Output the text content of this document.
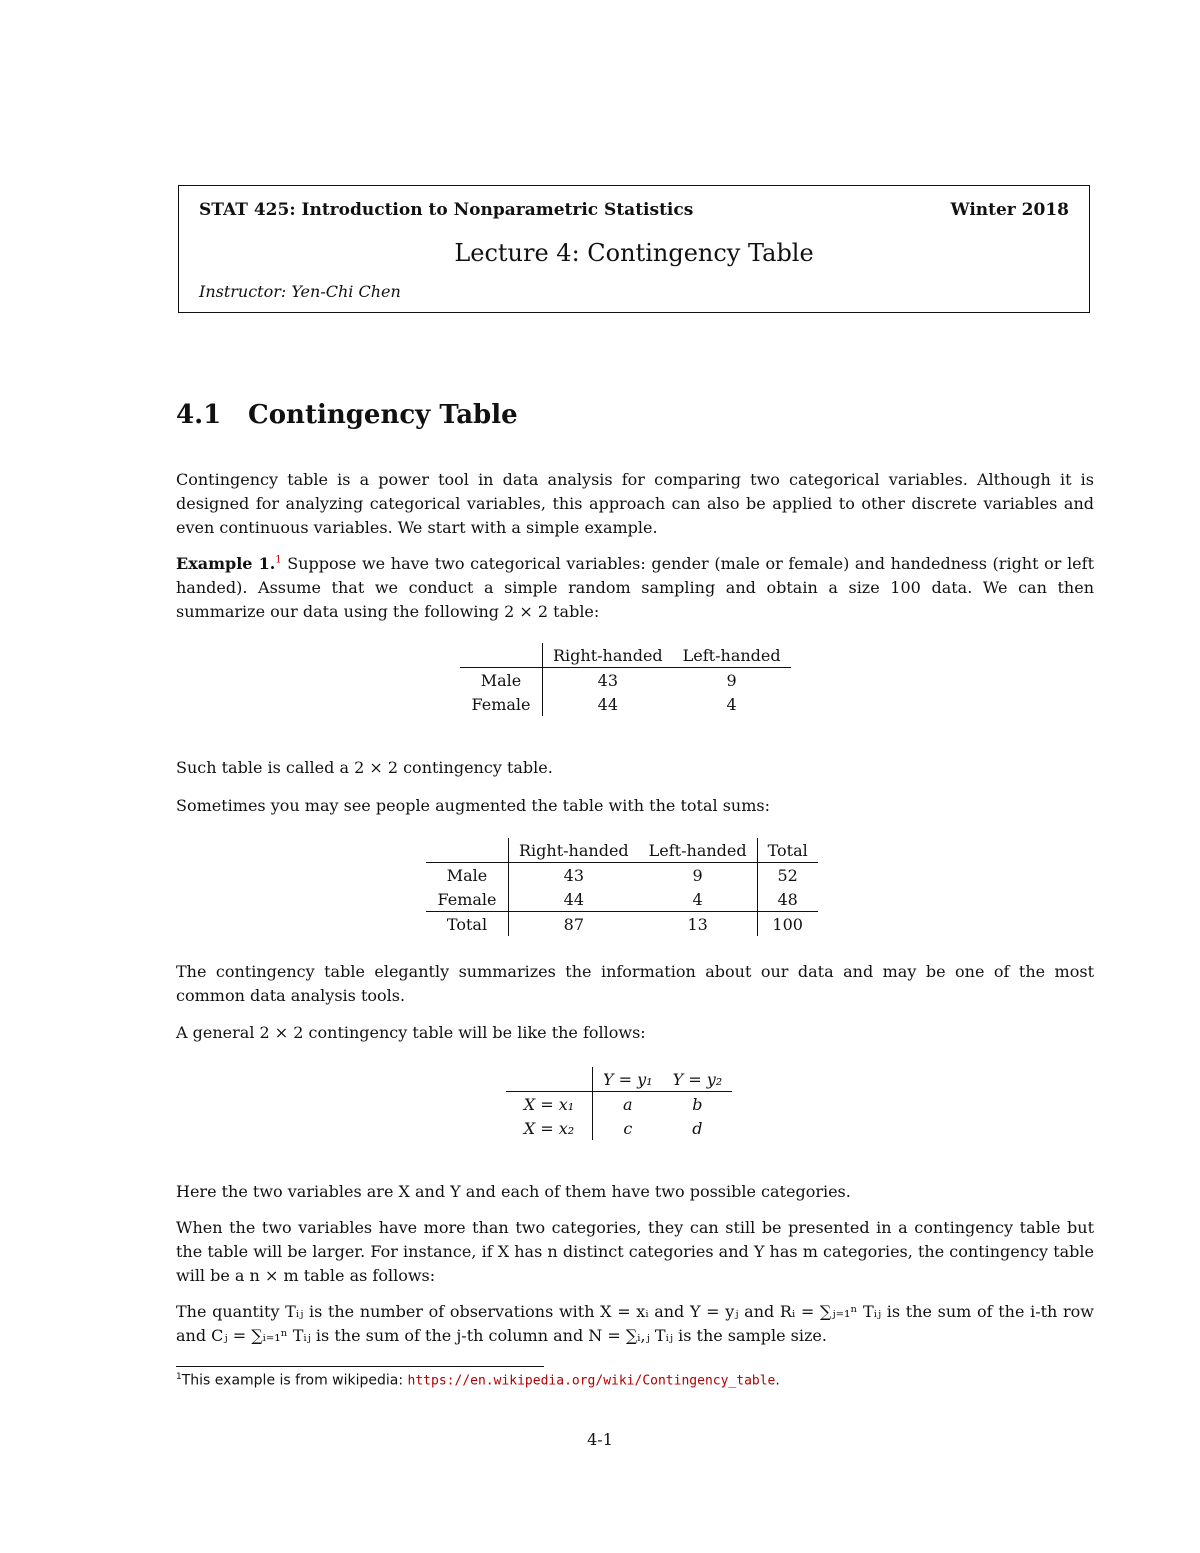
STAT 425: Introduction to Nonparametric Statistics	Winter 2018
Lecture 4: Contingency Table
Instructor: Yen-Chi Chen
4.1 Contingency Table
Contingency table is a power tool in data analysis for comparing two categorical variables. Although it is designed for analyzing categorical variables, this approach can also be applied to other discrete variables and even continuous variables. We start with a simple example.
Example 1.$^1$ Suppose we have two categorical variables: gender (male or female) and handedness (right or left handed). Assume that we conduct a simple random sampling and obtain a size 100 data. We can then summarize our data using the following 2 × 2 table:
	Right-handed	Left-handed
Male	43	9
Female	44	4
Such table is called a 2 × 2 contingency table.
Sometimes you may see people augmented the table with the total sums:
	Right-handed	Left-handed	Total
Male	43	9	52
Female	44	4	48
Total	87	13	100
The contingency table elegantly summarizes the information about our data and may be one of the most common data analysis tools.
A general 2 × 2 contingency table will be like the follows:
	Y = y₁	Y = y₂
X = x₁	a	b
X = x₂	c	d
Here the two variables are X and Y and each of them have two possible categories.
When the two variables have more than two categories, they can still be presented in a contingency table but the table will be larger. For instance, if X has n distinct categories and Y has m categories, the contingency table will be a n × m table as follows:
The quantity Tᵢⱼ is the number of observations with X = xᵢ and Y = yⱼ and Rᵢ = ∑ⱼ₌₁ⁿ Tᵢⱼ is the sum of the i-th row and Cⱼ = ∑ᵢ₌₁ⁿ Tᵢⱼ is the sum of the j-th column and N = ∑ᵢ,ⱼ Tᵢⱼ is the sample size.
$^1$This example is from wikipedia: https://en.wikipedia.org/wiki/Contingency_table.
4-1
